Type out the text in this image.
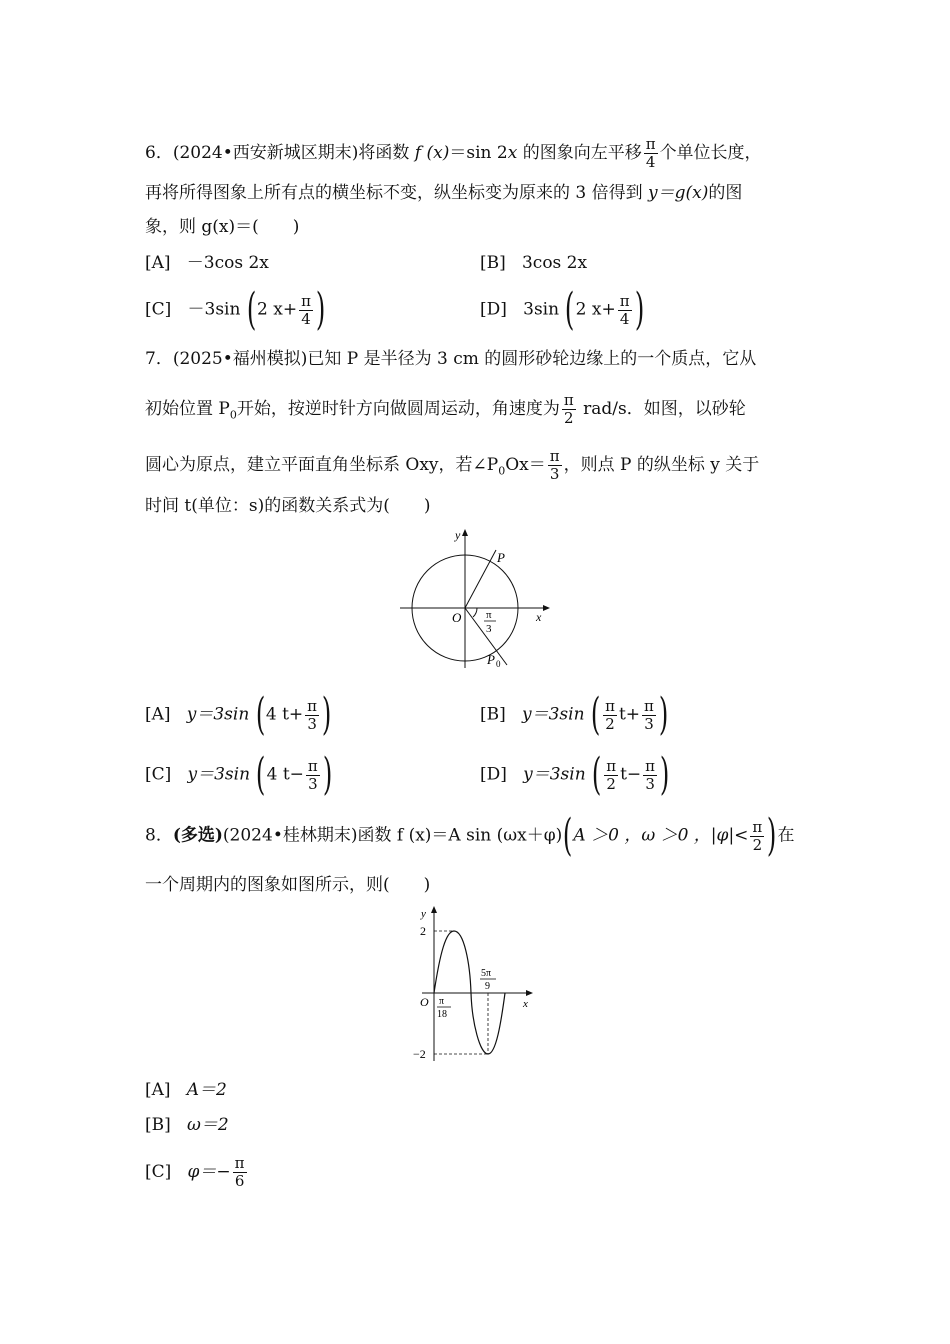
6．(2024•西安新城区期末)将函数 f (x)＝sin 2x 的图象向左平移 $\frac{\pi}{4}$ 个单位长度，
再将所得图象上所有点的横坐标不变，纵坐标变为原来的 3 倍得到 y＝g(x)的图
象，则 g(x)＝(　　)
[A] －3cos 2x	[B] 3cos 2x
[C] －3sin (2 $x+ \frac{\pi}{4}$ )	[D] 3sin (2 $x+ \frac{\pi}{4}$ )
7．(2025•福州模拟)已知 P 是半径为 3 cm 的圆形砂轮边缘上的一个质点，它从
初始位置 $P_0$开始，按逆时针方向做圆周运动，角速度为 $\frac{\pi}{2} rad/s$．如图，以砂轮
圆心为原点，建立平面直角坐标系 Oxy，若$\angle P_0Ox= \frac{\pi}{3}$ ，则点 P 的纵坐标 y 关于
时间 t(单位：s)的函数关系式为(　　)
y
x
O
P
P 0
π
3
[A] y＝3sin (4 $t+ \frac{\pi}{3}$ )	[B] y＝3sin ( $\frac{\pi}{2} t+ \frac{\pi}{3}$ )
[C] y＝3sin (4 $t- \frac{\pi}{3}$ )	[D] y＝3sin ( $\frac{\pi}{2} t- \frac{\pi}{3}$ )
8．(多选)(2024•桂林期末)函数 f (x)＝A sin (ωx＋φ)(A ＞0 ，ω ＞0 ，$|\varphi|< \frac{\pi}{2}$ )在
一个周期内的图象如图所示，则(　　)
y
x
O
2
−2
π
18
5π
9
[A] A＝2
[B] ω＝2
[C] $\varphi=- \frac{\pi}{6}$
